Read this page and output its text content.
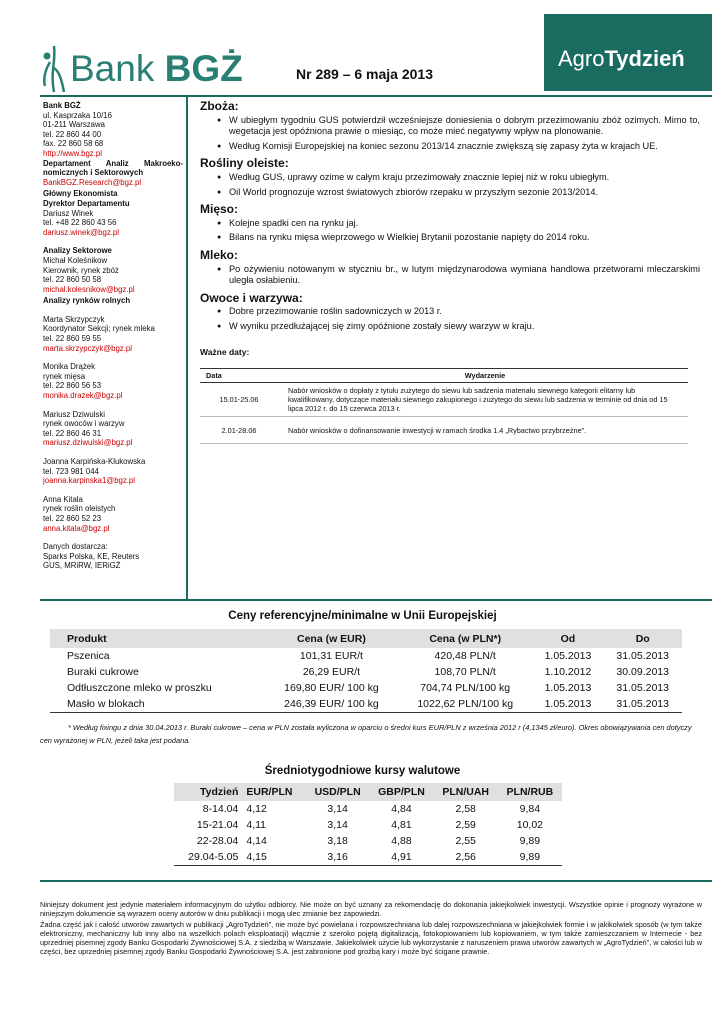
Bank BGŻ	AgroTydzień
Nr 289 – 6 maja 2013
Bank BGŻ
ul. Kasprzaka 10/16
01-211 Warszawa
tel. 22 860 44 00
fax. 22 860 58 68
http://www.bgz.pl
Departament Analiz Makroeko-nomicznych i Sektorowych
BankBGZ.Research@bgz.pl
Główny Ekonomista
Dyrektor Departamentu
Dariusz Winek
tel. +48 22 860 43 56
dariusz.winek@bgz.pl
Analizy Sektorowe
Michał Koleśnikow
Kierownik, rynek zbóż
tel. 22 860 50 58
michal.kolesnikow@bgz.pl
Analizy rynków rolnych
Marta Skrzypczyk
Koordynator Sekcji; rynek mleka
tel. 22 860 59 55
marta.skrzypczyk@bgz.pl
Monika Drążek
rynek mięsa
tel. 22 860 56 53
monika.drazek@bgz.pl
Mariusz Dziwulski
rynek owoców i warzyw
tel. 22 860 46 31
mariusz.dziwulski@bgz.pl
Joanna Karpińska-Klukowska
tel. 723 981 044
joanna.karpinska1@bgz.pl
Anna Kitala
rynek roślin oleistych
tel. 22 860 52 23
anna.kitala@bgz.pl
Danych dostarcza:
Sparks Polska, KE, Reuters
GUS, MRiRW, IERiGŻ
Zboża:
● W ubiegłym tygodniu GUS potwierdził wcześniejsze doniesienia o dobrym przezimowaniu zbóż ozimych. Mimo to, wegetacja jest opóźniona prawie o miesiąc, co może mieć negatywny wpływ na plonowanie.
● Według Komisji Europejskiej na koniec sezonu 2013/14 znacznie zwiększą się zapasy żyta w krajach UE.
Rośliny oleiste:
● Według GUS, uprawy ozime w całym kraju przezimowały znacznie lepiej niż w roku ubiegłym.
● Oil World prognozuje wzrost światowych zbiorów rzepaku w przyszłym sezonie 2013/2014.
Mięso:
● Kolejne spadki cen na rynku jaj.
● Bilans na rynku mięsa wieprzowego w Wielkiej Brytanii pozostanie napięty do 2014 roku.
Mleko:
● Po ożywieniu notowanym w styczniu br., w lutym międzynarodowa wymiana handlowa przetworami mleczarskimi uległa osłabieniu.
Owoce i warzywa:
● Dobre przezimowanie roślin sadowniczych w 2013 r.
● W wyniku przedłużającej się zimy opóźnione zostały siewy warzyw w kraju.
Ważne daty:
Data	Wydarzenie
15.01-25.06	Nabór wniosków o dopłaty z tytułu zużytego do siewu lub sadzenia materiału siewnego kategorii elitarny lub kwalifikowany, dotyczące materiału siewnego zakupionego i zużytego do siewu lub sadzenia w terminie od dnia od 15 lipca 2012 r. do 15 czerwca 2013 r.
2.01-28.06	Nabór wniosków o dofinansowanie inwestycji w ramach środka 1.4 „Rybactwo przybrzeżne”.
Ceny referencyjne/minimalne w Unii Europejskiej
Produkt	Cena (w EUR)	Cena (w PLN*)	Od	Do
Pszenica	101,31 EUR/t	420,48 PLN/t	1.05.2013	31.05.2013
Buraki cukrowe	26,29 EUR/t	108,70 PLN/t	1.10.2012	30.09.2013
Odtłuszczone mleko w proszku	169,80 EUR/ 100 kg	704,74 PLN/100 kg	1.05.2013	31.05.2013
Masło w blokach	246,39 EUR/ 100 kg	1022,62 PLN/100 kg	1.05.2013	31.05.2013
* Według fixingu z dnia 30.04.2013 r. Buraki cukrowe – cena w PLN została wyliczona w oparciu o średni kurs EUR/PLN z września 2012 r (4,1345 zł/euro). Okres obowiązywania cen dotyczy cen wyrażonej w PLN, jeżeli taka jest podana.
Średniotygodniowe kursy walutowe
Tydzień	EUR/PLN	USD/PLN	GBP/PLN	PLN/UAH	PLN/RUB
8-14.04	4,12	3,14	4,84	2,58	9,84
15-21.04	4,11	3,14	4,81	2,59	10,02
22-28.04	4,14	3,18	4,88	2,55	9,89
29.04-5.05	4,15	3,16	4,91	2,56	9,89

Niniejszy dokument jest jedynie materiałem informacyjnym do użytku odbiorcy. Nie może on być uznany za rekomendację do dokonania jakiejkolwiek inwestycji. Wszystkie opinie i prognozy wyrażone w niniejszym dokumencie są wyrazem oceny autorów w dniu publikacji i mogą ulec zmianie bez zapowiedzi.

Żadna część jak i całość utworów zawartych w publikacji „AgroTydzień”, nie może być powielana i rozpowszechniana lub dalej rozpowszechniana w jakiejkolwiek formie i w jakikolwiek sposób (w tym także elektroniczny, mechaniczny lub inny albo na wszelkich polach eksploatacji) włącznie z szeroko pojętą digitalizacją, fotokopiowaniem lub kopiowaniem, w tym także zamieszczaniem w Internecie - bez uprzedniej pisemnej zgody Banku Gospodarki Żywnościowej S.A. z siedzibą w Warszawie. Jakiekolwiek użycie lub wykorzystanie z naruszeniem prawa utworów zawartych w „AgroTydzień”, w całości lub w części, bez uprzedniej pisemnej zgody Banku Gospodarki Żywnościowej S.A. jest zabronione pod groźbą kary i może być ścigane prawnie.
